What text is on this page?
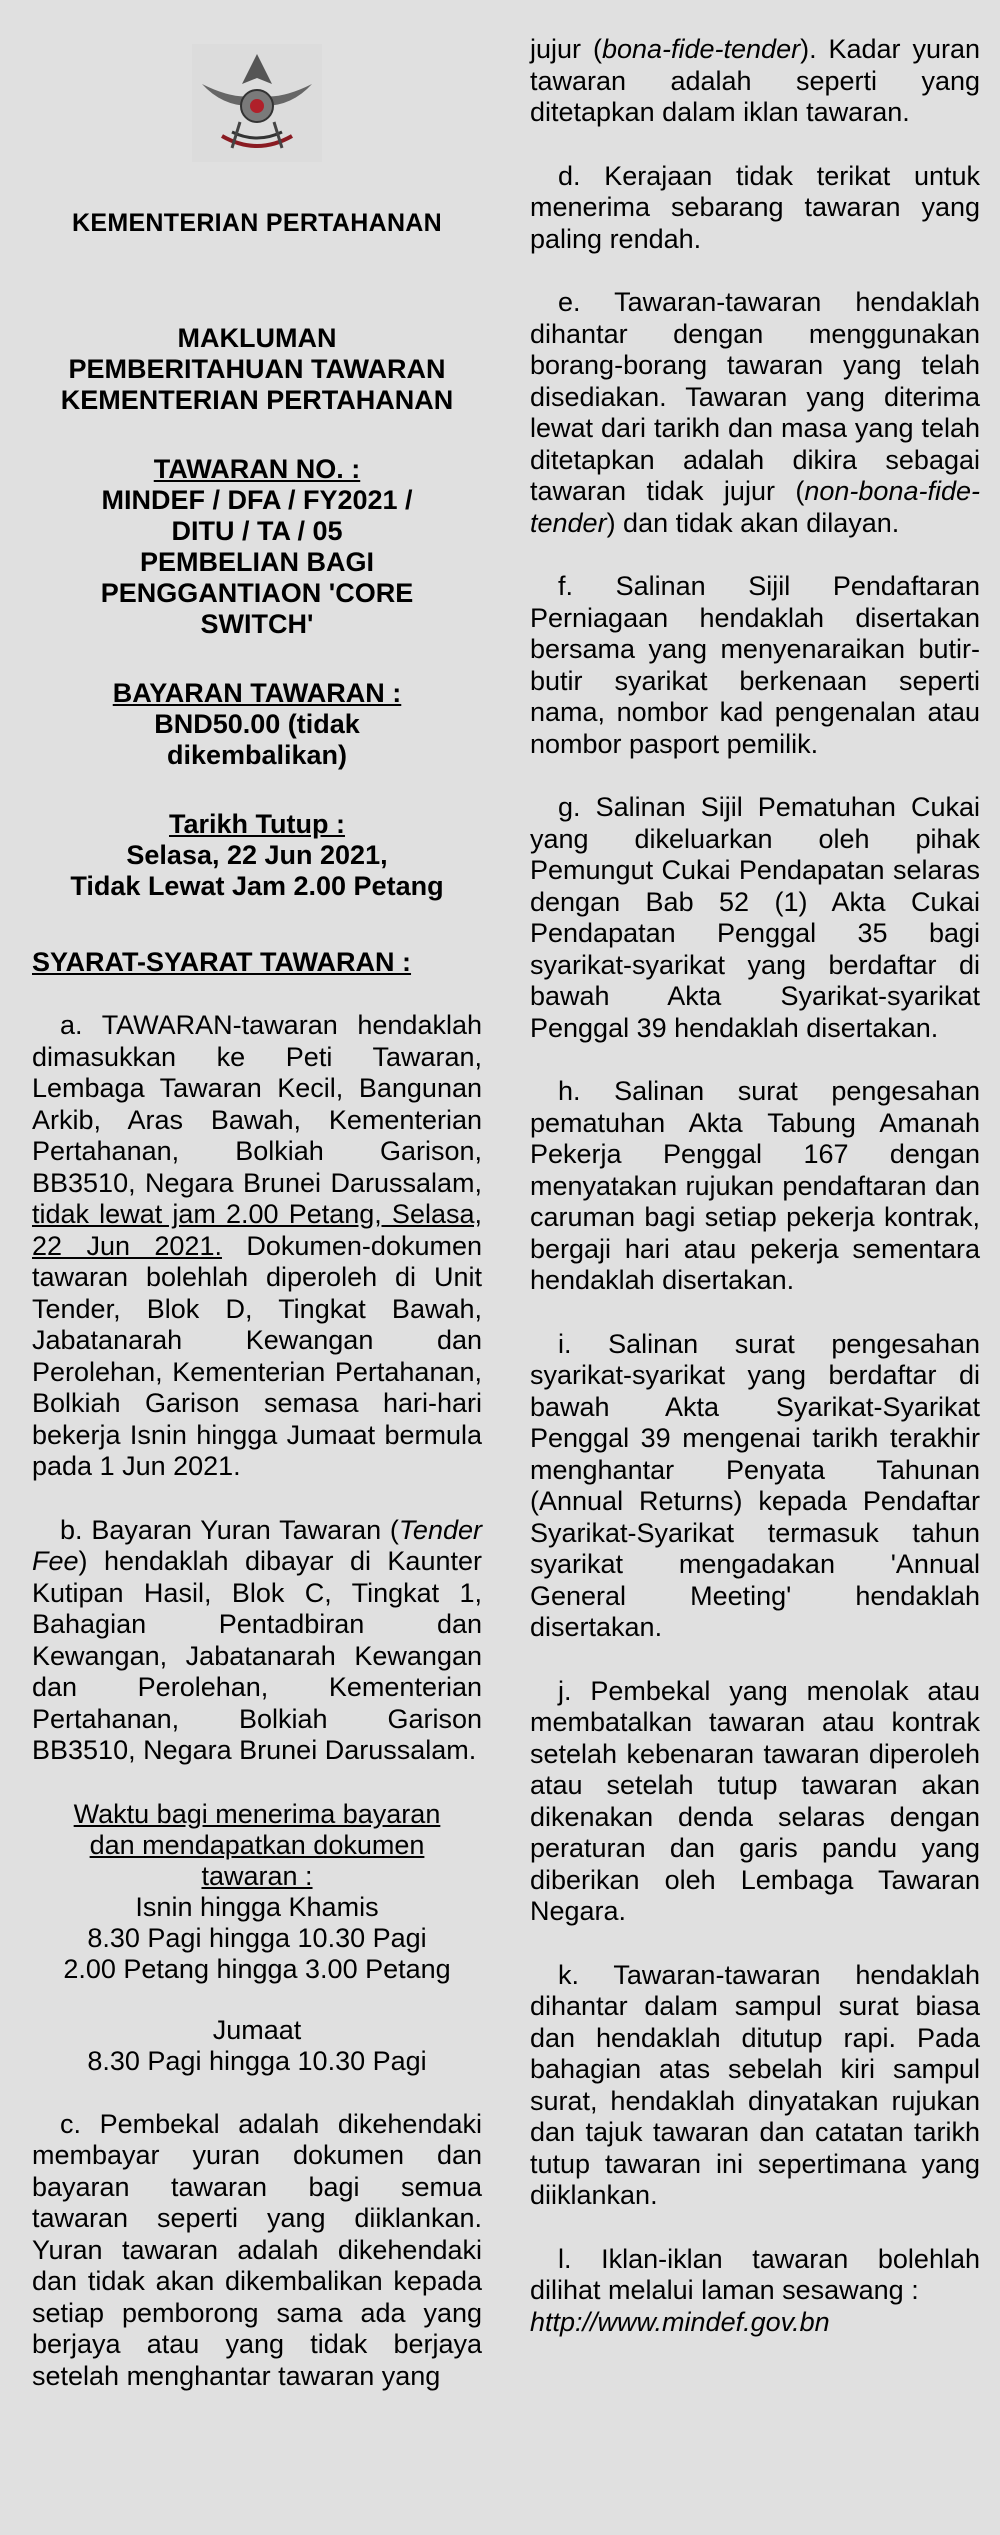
KEMENTERIAN PERTAHANAN
MAKLUMAN
PEMBERITAHUAN TAWARAN
KEMENTERIAN PERTAHANAN
TAWARAN NO. :
MINDEF / DFA / FY2021 /
DITU / TA / 05
PEMBELIAN BAGI
PENGGANTIAON 'CORE
SWITCH'
BAYARAN TAWARAN :
BND50.00 (tidak
dikembalikan)
Tarikh Tutup :
Selasa, 22 Jun 2021,
Tidak Lewat Jam 2.00 Petang
SYARAT-SYARAT TAWARAN :
a. TAWARAN-tawaran hendaklah dimasukkan ke Peti Tawaran, Lembaga Tawaran Kecil, Bangunan Arkib, Aras Bawah, Kementerian Pertahanan, Bolkiah Garison, BB3510, Negara Brunei Darussalam, tidak lewat jam 2.00 Petang, Selasa, 22 Jun 2021. Dokumen-dokumen tawaran bolehlah diperoleh di Unit Tender, Blok D, Tingkat Bawah, Jabatanarah Kewangan dan Perolehan, Kementerian Pertahanan, Bolkiah Garison semasa hari-hari bekerja Isnin hingga Jumaat bermula pada 1 Jun 2021.
b. Bayaran Yuran Tawaran (Tender Fee) hendaklah dibayar di Kaunter Kutipan Hasil, Blok C, Tingkat 1, Bahagian Pentadbiran dan Kewangan, Jabatanarah Kewangan dan Perolehan, Kementerian Pertahanan, Bolkiah Garison BB3510, Negara Brunei Darussalam.
Waktu bagi menerima bayaran
dan mendapatkan dokumen
tawaran :
Isnin hingga Khamis
8.30 Pagi hingga 10.30 Pagi
2.00 Petang hingga 3.00 Petang
Jumaat
8.30 Pagi hingga 10.30 Pagi
c. Pembekal adalah dikehendaki membayar yuran dokumen dan bayaran tawaran bagi semua tawaran seperti yang diiklankan. Yuran tawaran adalah dikehendaki dan tidak akan dikembalikan kepada setiap pemborong sama ada yang berjaya atau yang tidak berjaya setelah menghantar tawaran yang
jujur (bona-fide-tender). Kadar yuran tawaran adalah seperti yang ditetapkan dalam iklan tawaran.
d. Kerajaan tidak terikat untuk menerima sebarang tawaran yang paling rendah.
e. Tawaran-tawaran hendaklah dihantar dengan menggunakan borang-borang tawaran yang telah disediakan. Tawaran yang diterima lewat dari tarikh dan masa yang telah ditetapkan adalah dikira sebagai tawaran tidak jujur (non-bona-fide-tender) dan tidak akan dilayan.
f. Salinan Sijil Pendaftaran Perniagaan hendaklah disertakan bersama yang menyenaraikan butir-butir syarikat berkenaan seperti nama, nombor kad pengenalan atau nombor pasport pemilik.
g. Salinan Sijil Pematuhan Cukai yang dikeluarkan oleh pihak Pemungut Cukai Pendapatan selaras dengan Bab 52 (1) Akta Cukai Pendapatan Penggal 35 bagi syarikat-syarikat yang berdaftar di bawah Akta Syarikat-syarikat Penggal 39 hendaklah disertakan.
h. Salinan surat pengesahan pematuhan Akta Tabung Amanah Pekerja Penggal 167 dengan menyatakan rujukan pendaftaran dan caruman bagi setiap pekerja kontrak, bergaji hari atau pekerja sementara hendaklah disertakan.
i. Salinan surat pengesahan syarikat-syarikat yang berdaftar di bawah Akta Syarikat-Syarikat Penggal 39 mengenai tarikh terakhir menghantar Penyata Tahunan (Annual Returns) kepada Pendaftar Syarikat-Syarikat termasuk tahun syarikat mengadakan 'Annual General Meeting' hendaklah disertakan.
j. Pembekal yang menolak atau membatalkan tawaran atau kontrak setelah kebenaran tawaran diperoleh atau setelah tutup tawaran akan dikenakan denda selaras dengan peraturan dan garis pandu yang diberikan oleh Lembaga Tawaran Negara.
k. Tawaran-tawaran hendaklah dihantar dalam sampul surat biasa dan hendaklah ditutup rapi. Pada bahagian atas sebelah kiri sampul surat, hendaklah dinyatakan rujukan dan tajuk tawaran dan catatan tarikh tutup tawaran ini sepertimana yang diiklankan.
l. Iklan-iklan tawaran bolehlah dilihat melalui laman sesawang :
http://www.mindef.gov.bn
